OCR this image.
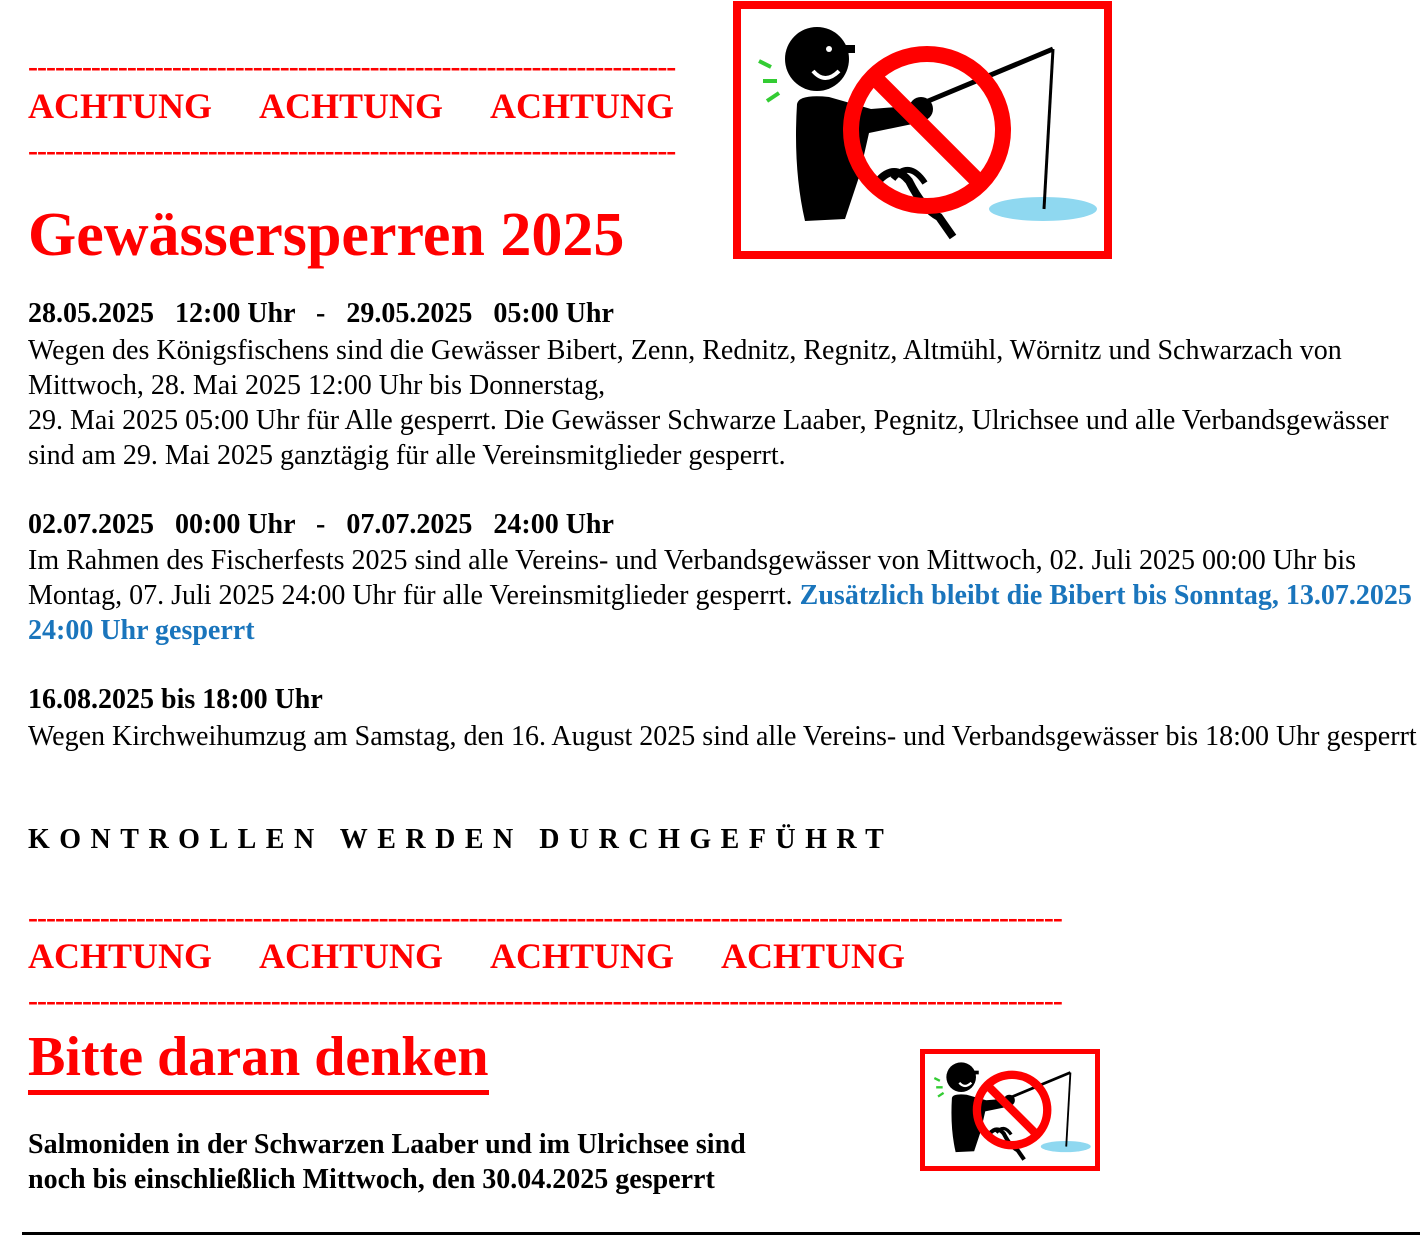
------------------------------------------------------------------------
ACHTUNG ACHTUNG ACHTUNG
------------------------------------------------------------------------
Gewässersperren 2025
28.05.2025   12:00 Uhr   -   29.05.2025   05:00 Uhr

Wegen des Königsfischens sind die Gewässer Bibert, Zenn, Rednitz, Regnitz, Altmühl, Wörnitz und Schwarzach von Mittwoch, 28. Mai 2025 12:00 Uhr bis Donnerstag,

29. Mai 2025 05:00 Uhr für Alle gesperrt. Die Gewässer Schwarze Laaber, Pegnitz, Ulrichsee und alle Verbandsgewässer sind am 29. Mai 2025 ganztägig für alle Vereinsmitglieder gesperrt.

02.07.2025   00:00 Uhr   -   07.07.2025   24:00 Uhr
Im Rahmen des Fischerfests 2025 sind alle Vereins- und Verbandsgewässer von Mittwoch, 02. Juli 2025 00:00 Uhr bis Montag, 07. Juli 2025 24:00 Uhr für alle Vereinsmitglieder gesperrt. Zusätzlich bleibt die Bibert bis Sonntag, 13.07.2025 24:00 Uhr gesperrt
16.08.2025 bis 18:00 Uhr
Wegen Kirchweihumzug am Samstag, den 16. August 2025 sind alle Vereins- und Verbandsgewässer bis 18:00 Uhr gesperrt
KONTROLLEN WERDEN DURCHGEFÜHRT
-------------------------------------------------------------------------------------------------------------------
ACHTUNG ACHTUNG ACHTUNG ACHTUNG
-------------------------------------------------------------------------------------------------------------------
Bitte daran denken
Salmoniden in der Schwarzen Laaber und im Ulrichsee sind
noch bis einschließlich Mittwoch, den 30.04.2025 gesperrt
